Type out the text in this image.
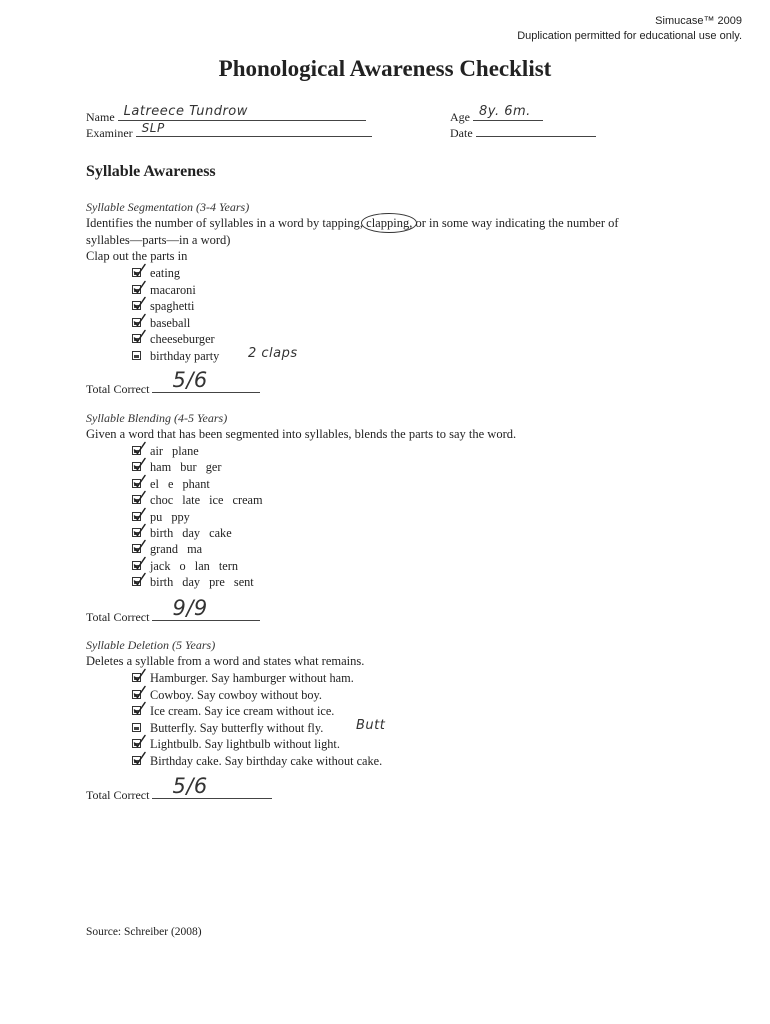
Simucase™ 2009
Duplication permitted for educational use only.
Phonological Awareness Checklist
Name Latreece Tundrow	Age 8y. 6m.
Examiner SLP	Date
Syllable Awareness
Syllable Segmentation (3-4 Years)
Identifies the number of syllables in a word by tapping, clapping,
or in some way indicating the number of
syllables—parts—in a word)
Clap out the parts in
eating
macaroni
spaghetti
baseball
cheeseburger
birthday party 2 claps
Total Correct 5/6
Syllable Blending (4-5 Years)
Given a word that has been segmented into syllables, blends the parts to say the word.
air plane
ham bur ger
el e phant
choc late ice cream
pu ppy
birth day cake
grand ma
jack o lan tern
birth day pre sent
Total Correct 9/9
Syllable Deletion (5 Years)
Deletes a syllable from a word and states what remains.
Hamburger. Say hamburger without ham.
Cowboy. Say cowboy without boy.
Ice cream. Say ice cream without ice.
Butterfly. Say butterfly without fly.
Lightbulb. Say lightbulb without light.
Birthday cake. Say birthday cake without cake.
Butt
Total Correct 5/6
Source: Schreiber (2008)
